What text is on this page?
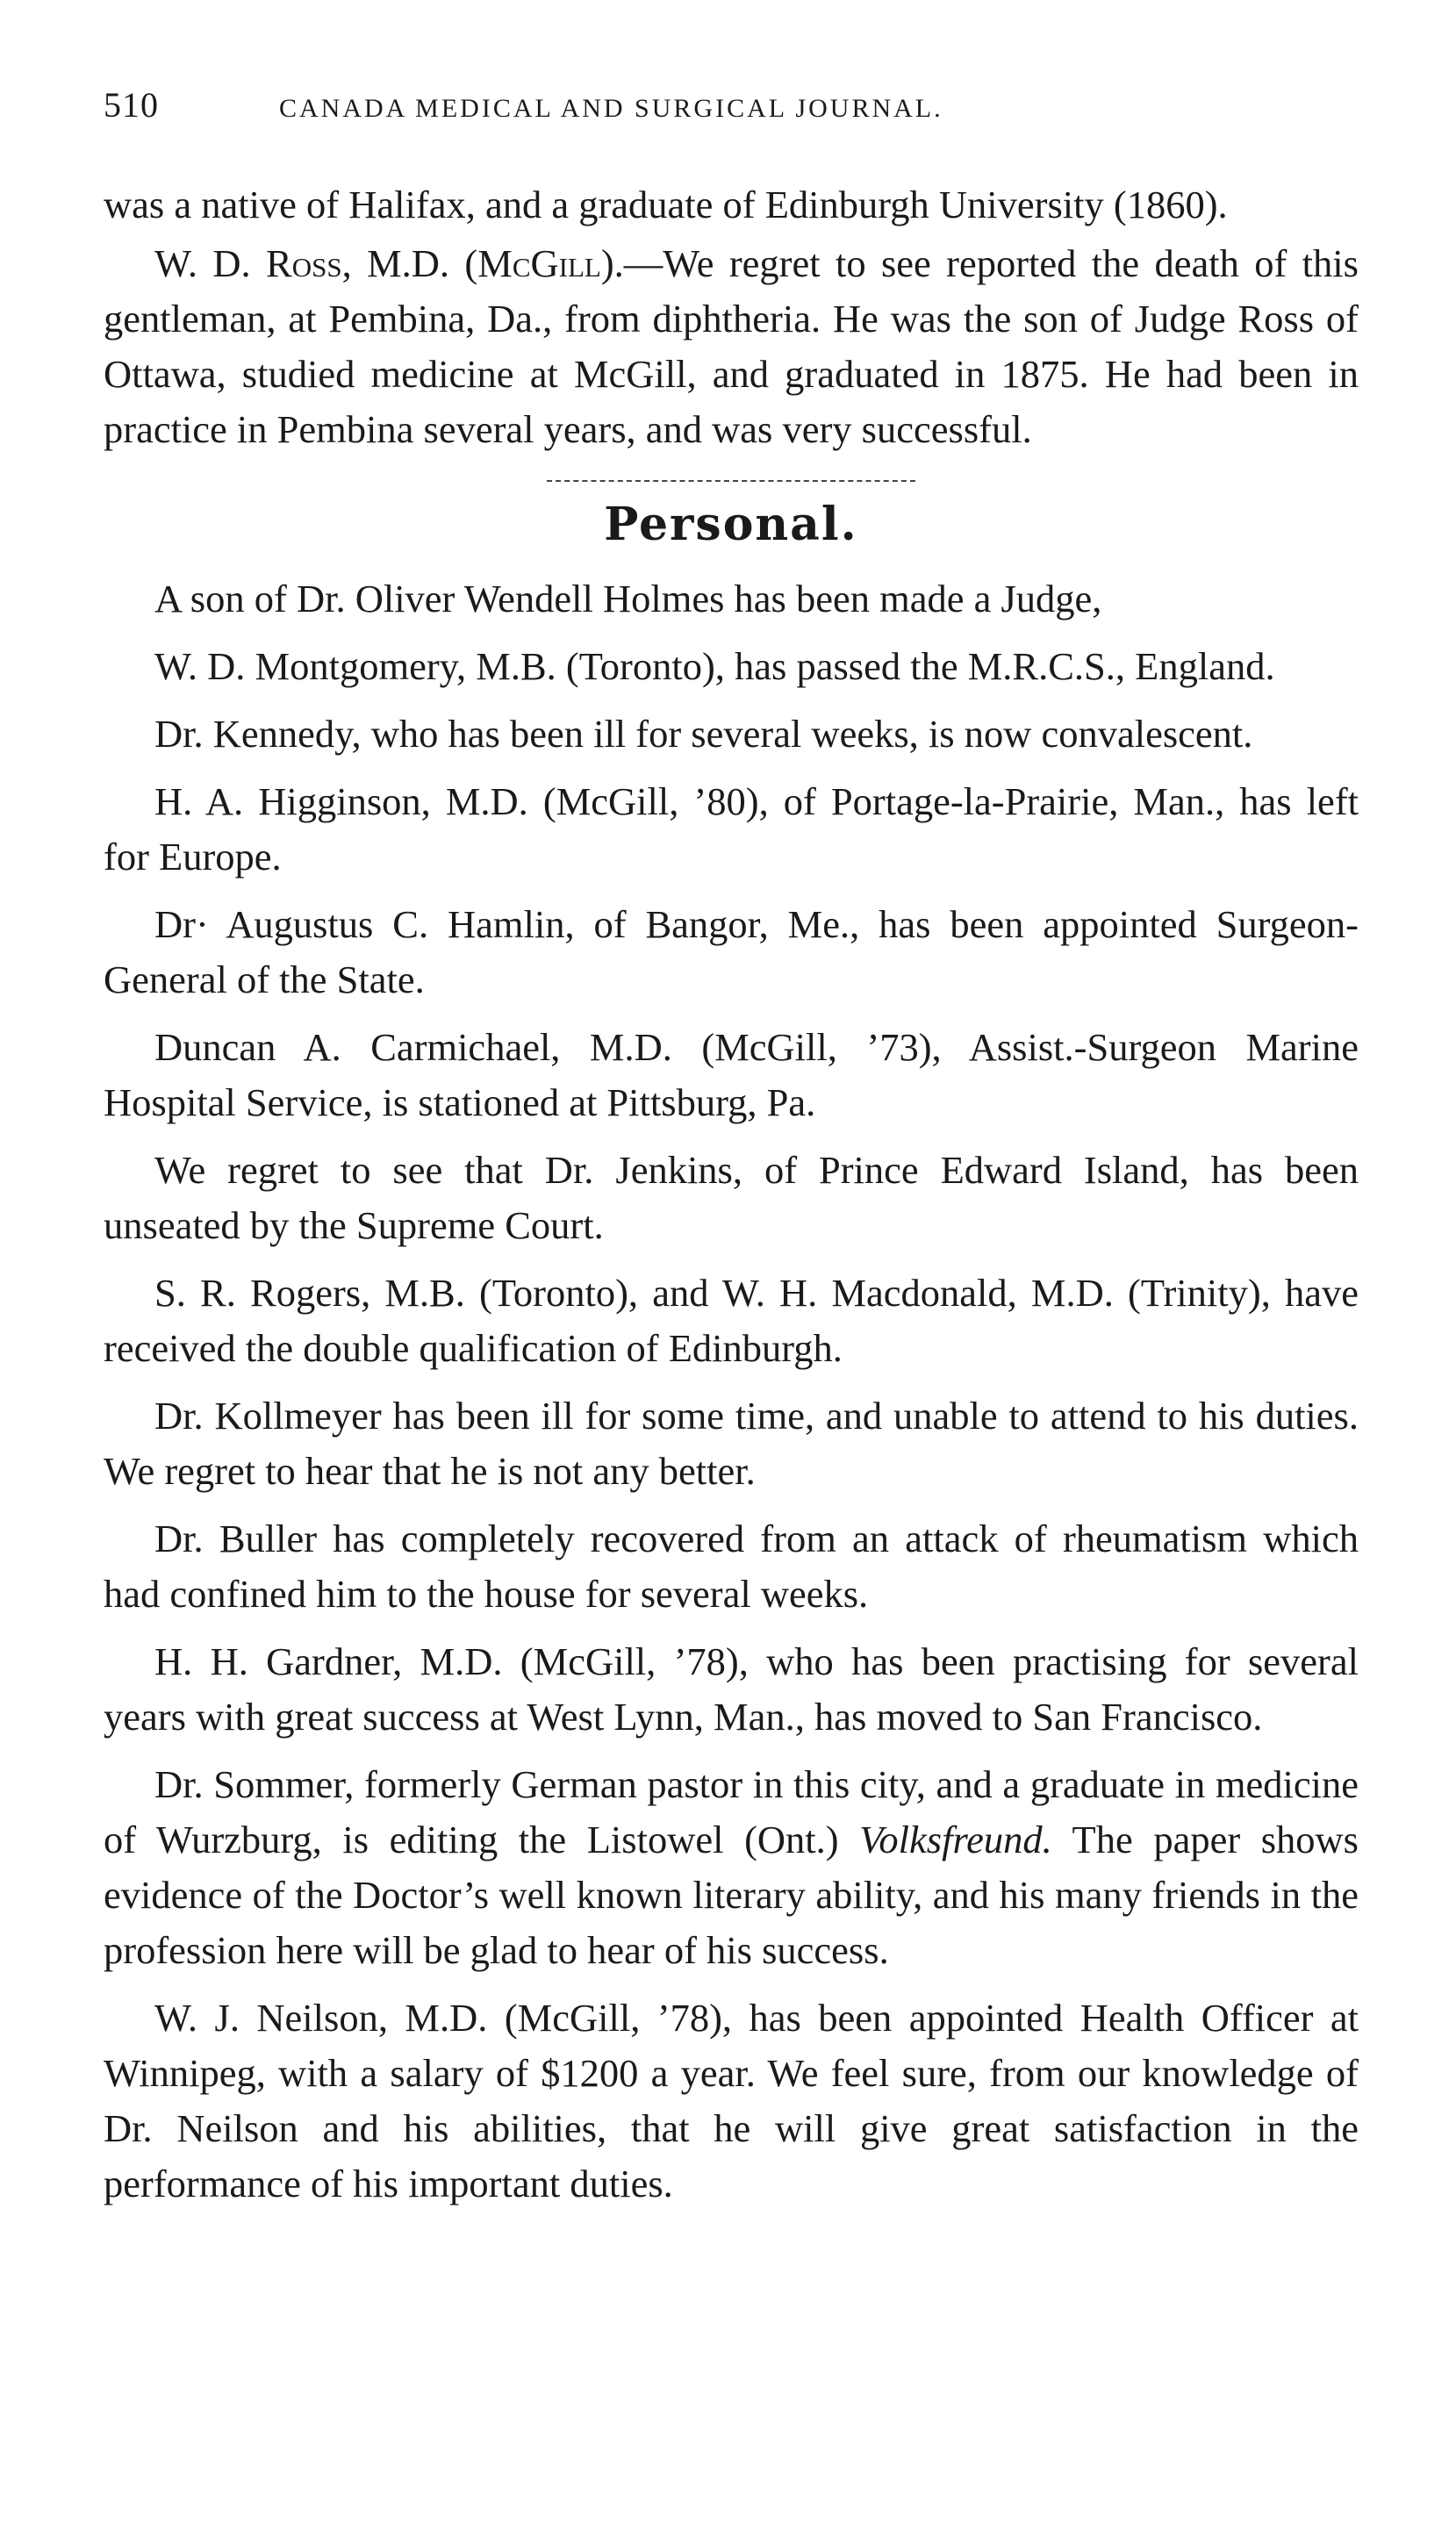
510	CANADA MEDICAL AND SURGICAL JOURNAL.

was a native of Halifax, and a graduate of Edinburgh University (1860).

W. D. Ross, M.D. (McGill).—We regret to see reported the death of this gentleman, at Pembina, Da., from diphtheria. He was the son of Judge Ross of Ottawa, studied medicine at McGill, and graduated in 1875. He had been in practice in Pembina several years, and was very successful.

Personal.

A son of Dr. Oliver Wendell Holmes has been made a Judge,

W. D. Montgomery, M.B. (Toronto), has passed the M.R.C.S., England.

Dr. Kennedy, who has been ill for several weeks, is now convalescent.

H. A. Higginson, M.D. (McGill, ’80), of Portage-la-Prairie, Man., has left for Europe.

Dr· Augustus C. Hamlin, of Bangor, Me., has been appointed Surgeon-General of the State.

Duncan A. Carmichael, M.D. (McGill, ’73), Assist.-Surgeon Marine Hospital Service, is stationed at Pittsburg, Pa.

We regret to see that Dr. Jenkins, of Prince Edward Island, has been unseated by the Supreme Court.

S. R. Rogers, M.B. (Toronto), and W. H. Macdonald, M.D. (Trinity), have received the double qualification of Edinburgh.

Dr. Kollmeyer has been ill for some time, and unable to attend to his duties. We regret to hear that he is not any better.

Dr. Buller has completely recovered from an attack of rheumatism which had confined him to the house for several weeks.

H. H. Gardner, M.D. (McGill, ’78), who has been practising for several years with great success at West Lynn, Man., has moved to San Francisco.

Dr. Sommer, formerly German pastor in this city, and a graduate in medicine of Wurzburg, is editing the Listowel (Ont.) Volksfreund. The paper shows evidence of the Doctor’s well known literary ability, and his many friends in the profession here will be glad to hear of his success.

W. J. Neilson, M.D. (McGill, ’78), has been appointed Health Officer at Winnipeg, with a salary of $1200 a year. We feel sure, from our knowledge of Dr. Neilson and his abilities, that he will give great satisfaction in the performance of his important duties.
